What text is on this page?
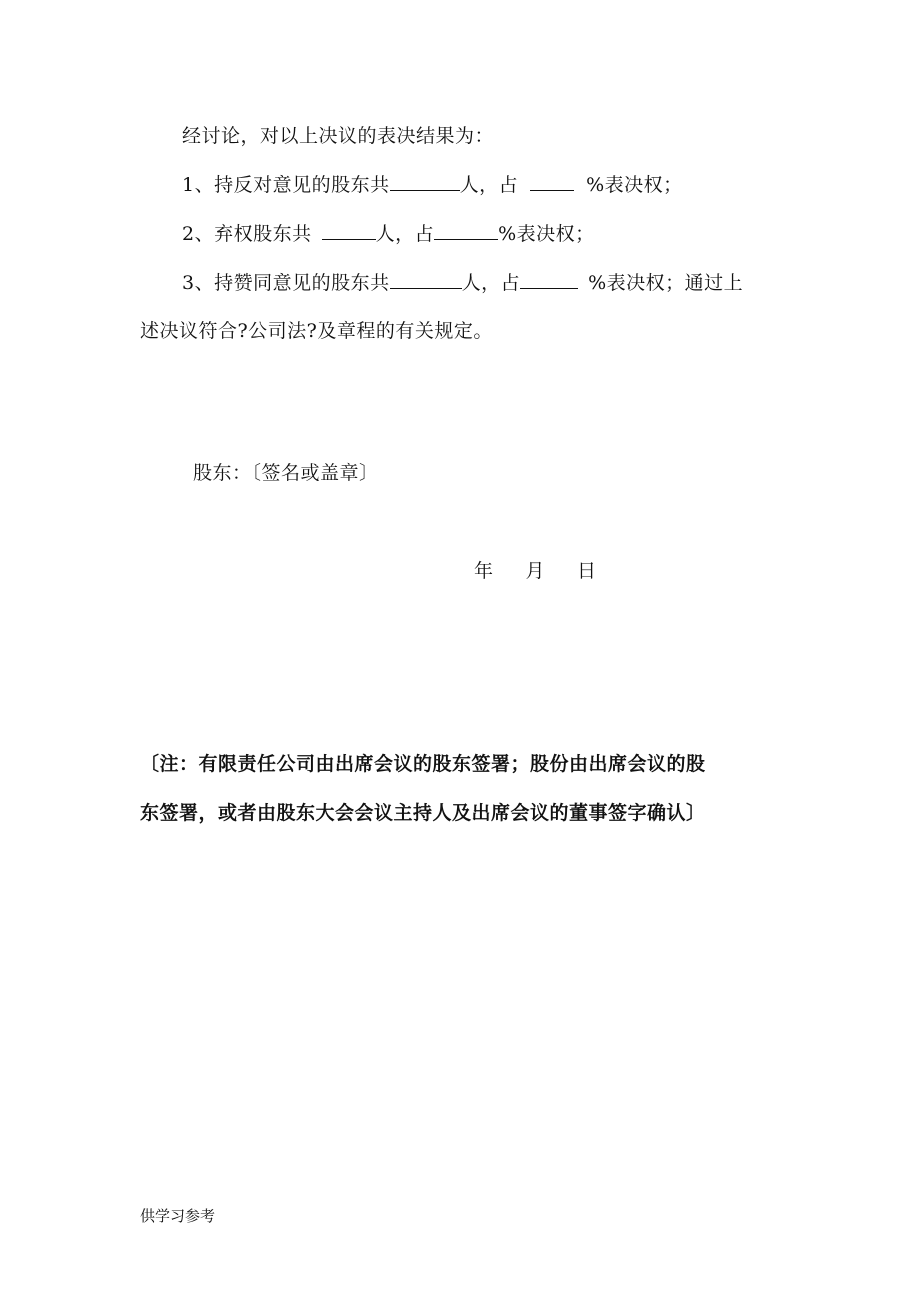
经讨论，对以上决议的表决结果为：
1、持反对意见的股东共	人，占	%表决权；
2、弃权股东共	人，占	%表决权；
3、持赞同意见的股东共	人，占	%表决权；通过上
述决议符合?公司法?及章程的有关规定。
股东：〔签名或盖章〕
年 月 日
〔注：有限责任公司由出席会议的股东签署；股份由出席会议的股
东签署，或者由股东大会会议主持人及出席会议的董事签字确认〕
供学习参考
